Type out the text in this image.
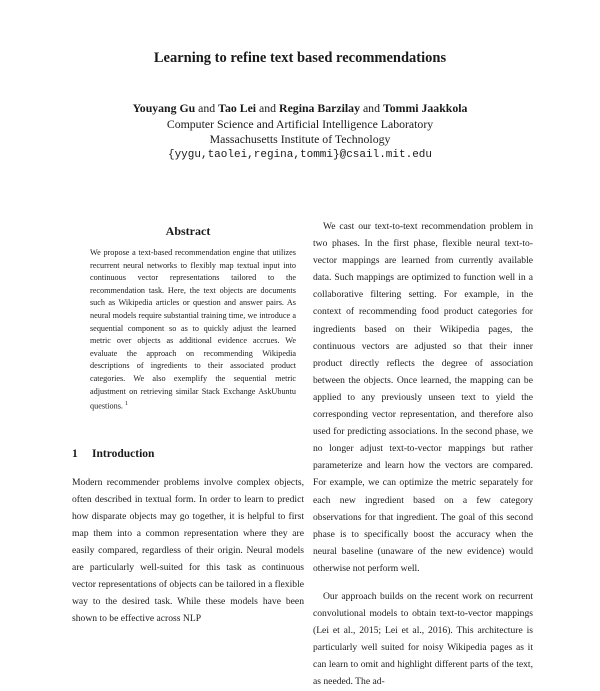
Learning to refine text based recommendations
Youyang Gu and Tao Lei and Regina Barzilay and Tommi Jaakkola
Computer Science and Artificial Intelligence Laboratory
Massachusetts Institute of Technology
{yygu,taolei,regina,tommi}@csail.mit.edu
Abstract
We propose a text-based recommendation engine that utilizes recurrent neural networks to flexibly map textual input into continuous vector representations tailored to the recommendation task. Here, the text objects are documents such as Wikipedia articles or question and answer pairs. As neural models require substantial training time, we introduce a sequential component so as to quickly adjust the learned metric over objects as additional evidence accrues. We evaluate the approach on recommending Wikipedia descriptions of ingredients to their associated product categories. We also exemplify the sequential metric adjustment on retrieving similar Stack Exchange AskUbuntu questions. $^1$
1 Introduction
Modern recommender problems involve complex objects, often described in textual form. In order to learn to predict how disparate objects may go together, it is helpful to first map them into a common representation where they are easily compared, regardless of their origin. Neural models are particularly well-suited for this task as continuous vector representations of objects can be tailored in a flexible way to the desired task. While these models have been shown to be effective across NLP

We cast our text-to-text recommendation problem in two phases. In the first phase, flexible neural text-to-vector mappings are learned from currently available data. Such mappings are optimized to function well in a collaborative filtering setting. For example, in the context of recommending food product categories for ingredients based on their Wikipedia pages, the continuous vectors are adjusted so that their inner product directly reflects the degree of association between the objects. Once learned, the mapping can be applied to any previously unseen text to yield the corresponding vector representation, and therefore also used for predicting associations. In the second phase, we no longer adjust text-to-vector mappings but rather parameterize and learn how the vectors are compared. For example, we can optimize the metric separately for each new ingredient based on a few category observations for that ingredient. The goal of this second phase is to specifically boost the accuracy when the neural baseline (unaware of the new evidence) would otherwise not perform well.

Our approach builds on the recent work on recurrent convolutional models to obtain text-to-vector mappings (Lei et al., 2015; Lei et al., 2016). This architecture is particularly well suited for noisy Wikipedia pages as it can learn to omit and highlight different parts of the text, as needed. The ad-
